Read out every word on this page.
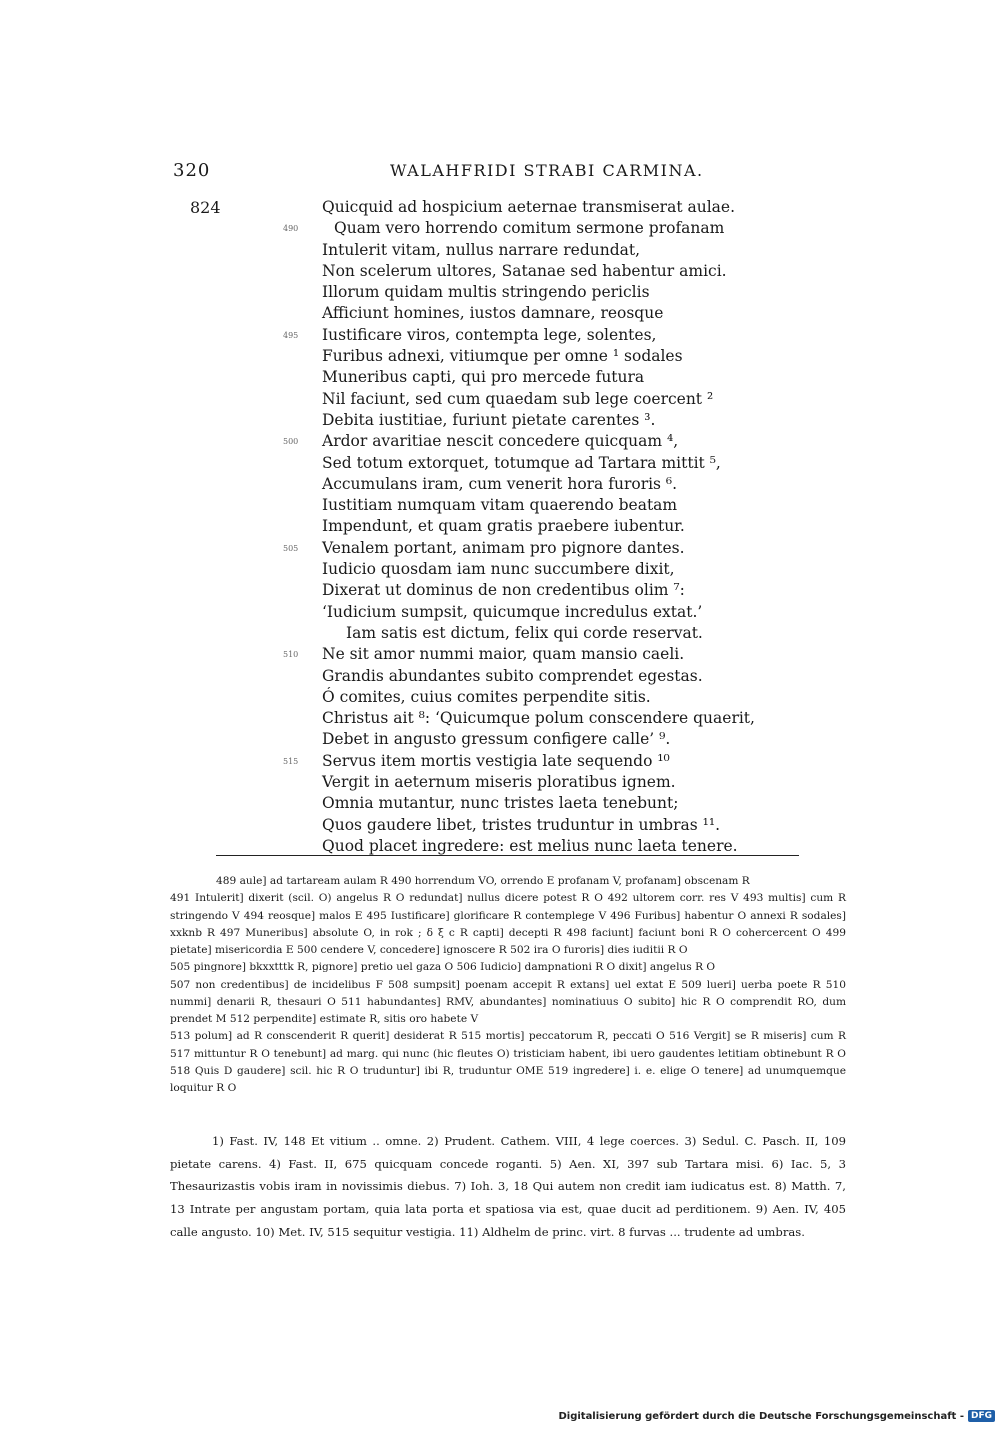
320	WALAHFRIDI STRABI CARMINA.
824	Quicquid ad hospicium aeternae transmiserat aulae.
490 Quam vero horrendo comitum sermone profanam
Intulerit vitam, nullus narrare redundat,
Non scelerum ultores, Satanae sed habentur amici.
Illorum quidam multis stringendo periclis
Afficiunt homines, iustos damnare, reosque
495 Iustificare viros, contempta lege, solentes,
Furibus adnexi, vitiumque per omne ¹ sodales
Muneribus capti, qui pro mercede futura
Nil faciunt, sed cum quaedam sub lege coercent ²
Debita iustitiae, furiunt pietate carentes ³.
500 Ardor avaritiae nescit concedere quicquam ⁴,
Sed totum extorquet, totumque ad Tartara mittit ⁵,
Accumulans iram, cum venerit hora furoris ⁶.
Iustitiam numquam vitam quaerendo beatam
Impendunt, et quam gratis praebere iubentur.
505 Venalem portant, animam pro pignore dantes.
Iudicio quosdam iam nunc succumbere dixit,
Dixerat ut dominus de non credentibus olim ⁷:
‘Iudicium sumpsit, quicumque incredulus extat.’
Iam satis est dictum, felix qui corde reservat.
510 Ne sit amor nummi maior, quam mansio caeli.
Grandis abundantes subito comprendet egestas.
Ó comites, cuius comites perpendite sitis.
Christus ait ⁸: ‘Quicumque polum conscendere quaerit,
Debet in angusto gressum configere calle’ ⁹.
515 Servus item mortis vestigia late sequendo ¹⁰
Vergit in aeternum miseris ploratibus ignem.
Omnia mutantur, nunc tristes laeta tenebunt;
Quos gaudere libet, tristes truduntur in umbras ¹¹.
Quod placet ingredere: est melius nunc laeta tenere.

489 aule] ad tartaream aulam R 490 horrendum VO, orrendo E profanam V, profanam] obscenam R

491 Intulerit] dixerit (scil. O) angelus R O redundat] nullus dicere potest R O 492 ultorem corr. res V 493 multis] cum R stringendo V 494 reosque] malos E 495 Iustificare] glorificare R contemplege V 496 Furibus] habentur O annexi R sodales] xxknb R 497 Muneribus] absolute O, in rok ; δ ξ c R capti] decepti R 498 faciunt] faciunt boni R O cohercercent O 499 pietate] misericordia E 500 cendere V, concedere] ignoscere R 502 ira O furoris] dies iuditii R O

505 pingnore] bkxxtttk R, pignore] pretio uel gaza O 506 Iudicio] dampnationi R O dixit] angelus R O

507 non credentibus] de incidelibus F 508 sumpsit] poenam accepit R extans] uel extat E 509 lueri] uerba poete R 510 nummi] denarii R, thesauri O 511 habundantes] RMV, abundantes] nominatiuus O subito] hic R O comprendit RO, dum prendet M 512 perpendite] estimate R, sitis oro habete V

513 polum] ad R conscenderit R querit] desiderat R 515 mortis] peccatorum R, peccati O 516 Vergit] se R miseris] cum R 517 mittuntur R O tenebunt] ad marg. qui nunc (hic fleutes O) tristiciam habent, ibi uero gaudentes letitiam obtinebunt R O 518 Quis D gaudere] scil. hic R O truduntur] ibi R, truduntur OME 519 ingredere] i. e. elige O tenere] ad unumquemque loquitur R O

1) Fast. IV, 148 Et vitium .. omne. 2) Prudent. Cathem. VIII, 4 lege coerces. 3) Sedul. C. Pasch. II, 109 pietate carens. 4) Fast. II, 675 quicquam concede roganti. 5) Aen. XI, 397 sub Tartara misi. 6) Iac. 5, 3 Thesaurizastis vobis iram in novissimis diebus. 7) Ioh. 3, 18 Qui autem non credit iam iudicatus est. 8) Matth. 7, 13 Intrate per angustam portam, quia lata porta et spatiosa via est, quae ducit ad perditionem. 9) Aen. IV, 405 calle angusto. 10) Met. IV, 515 sequitur vestigia. 11) Aldhelm de princ. virt. 8 furvas ... trudente ad umbras.

Digitalisierung gefördert durch die Deutsche Forschungsgemeinschaft - DFG
